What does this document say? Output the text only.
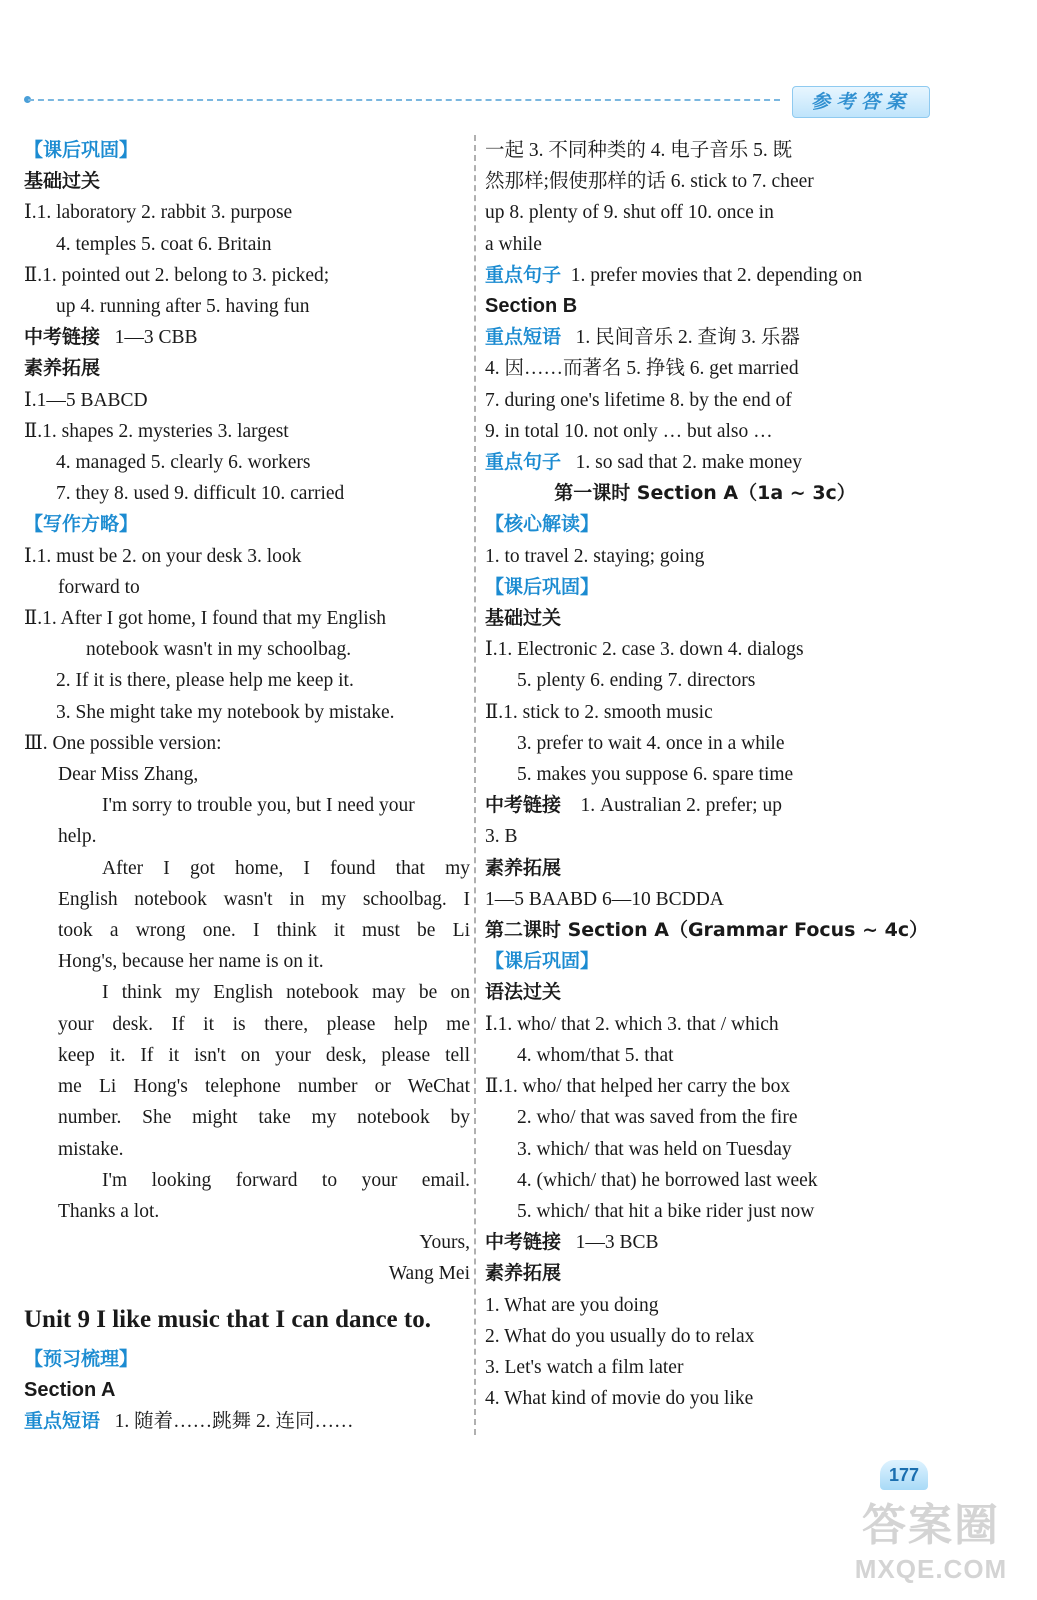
参考答案
【课后巩固】
基础过关
Ⅰ.1. laboratory 2. rabbit 3. purpose
4. temples 5. coat 6. Britain
Ⅱ.1. pointed out 2. belong to 3. picked;
up 4. running after 5. having fun
中考链接 1—3 CBB
素养拓展
Ⅰ.1—5 BABCD
Ⅱ.1. shapes 2. mysteries 3. largest
4. managed 5. clearly 6. workers
7. they 8. used 9. difficult 10. carried
【写作方略】
Ⅰ.1. must be 2. on your desk 3. look
forward to
Ⅱ.1. After I got home, I found that my English
notebook wasn't in my schoolbag.
2. If it is there, please help me keep it.
3. She might take my notebook by mistake.
Ⅲ. One possible version:
Dear Miss Zhang,
I'm sorry to trouble you, but I need your
help.
After I got home, I found that my
English notebook wasn't in my schoolbag. I
took a wrong one. I think it must be Li
Hong's, because her name is on it.
I think my English notebook may be on
your desk. If it is there, please help me
keep it. If it isn't on your desk, please tell
me Li Hong's telephone number or WeChat
number. She might take my notebook by
mistake.
I'm looking forward to your email.
Thanks a lot.
Yours,
Wang Mei
Unit 9 I like music that I can dance to.
【预习梳理】
Section A
重点短语 1. 随着……跳舞 2. 连同……
一起 3. 不同种类的 4. 电子音乐 5. 既
然那样;假使那样的话 6. stick to 7. cheer
up 8. plenty of 9. shut off 10. once in
a while
重点句子 1. prefer movies that 2. depending on
Section B
重点短语 1. 民间音乐 2. 查询 3. 乐器
4. 因……而著名 5. 挣钱 6. get married
7. during one's lifetime 8. by the end of
9. in total 10. not only … but also …
重点句子 1. so sad that 2. make money
第一课时 Section A（1a ~ 3c）
【核心解读】
1. to travel 2. staying; going
【课后巩固】
基础过关
Ⅰ.1. Electronic 2. case 3. down 4. dialogs
5. plenty 6. ending 7. directors
Ⅱ.1. stick to 2. smooth music
3. prefer to wait 4. once in a while
5. makes you suppose 6. spare time
中考链接 1. Australian 2. prefer; up
3. B
素养拓展
1—5 BAABD 6—10 BCDDA
第二课时 Section A（Grammar Focus ~ 4c）
【课后巩固】
语法过关
Ⅰ.1. who/ that 2. which 3. that / which
4. whom/that 5. that
Ⅱ.1. who/ that helped her carry the box
2. who/ that was saved from the fire
3. which/ that was held on Tuesday
4. (which/ that) he borrowed last week
5. which/ that hit a bike rider just now
中考链接 1—3 BCB
素养拓展
1. What are you doing
2. What do you usually do to relax
3. Let's watch a film later
4. What kind of movie do you like
177
答案圈
MXQE.COM
